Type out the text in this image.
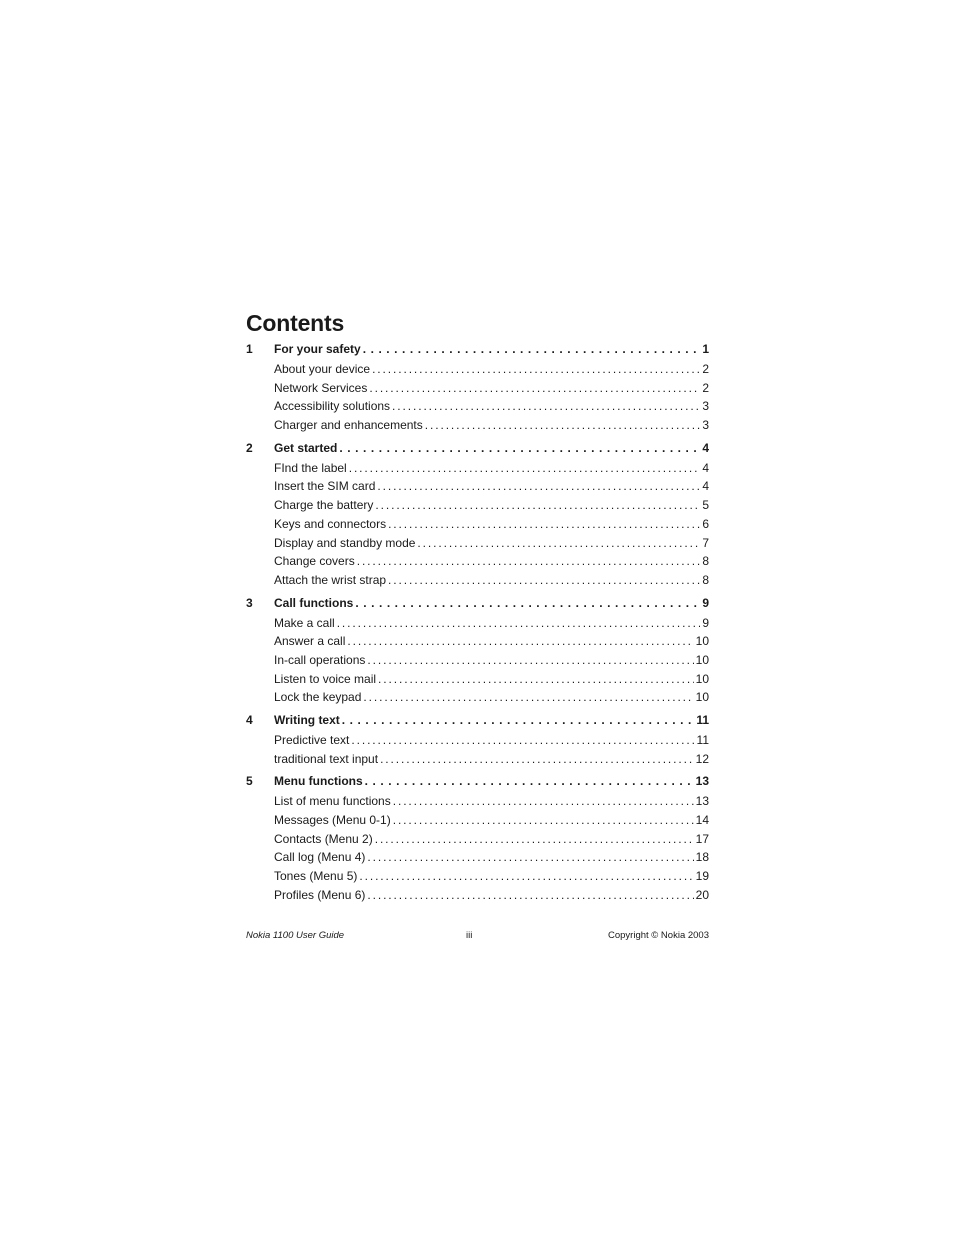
Contents
1	For your safety . . .	1
About your device .....	2
Network Services .....	2
Accessibility solutions .....	3
Charger and enhancements .....	3
2	Get started . . .	4
FInd the label .....	4
Insert the SIM card .....	4
Charge the battery .....	5
Keys and connectors .....	6
Display and standby mode .....	7
Change covers .....	8
Attach the wrist strap .....	8
3	Call functions . . .	9
Make a call .....	9
Answer a call .....	10
In-call operations .....	10
Listen to voice mail .....	10
Lock the keypad .....	10
4	Writing text . . .	11
Predictive text .....	11
traditional text input .....	12
5	Menu functions . . .	13
List of menu functions .....	13
Messages (Menu 0-1) .....	14
Contacts (Menu 2) .....	17
Call log (Menu 4) .....	18
Tones (Menu 5) .....	19
Profiles (Menu 6) .....	20
Nokia 1100 User Guide	iii	Copyright © Nokia 2003
